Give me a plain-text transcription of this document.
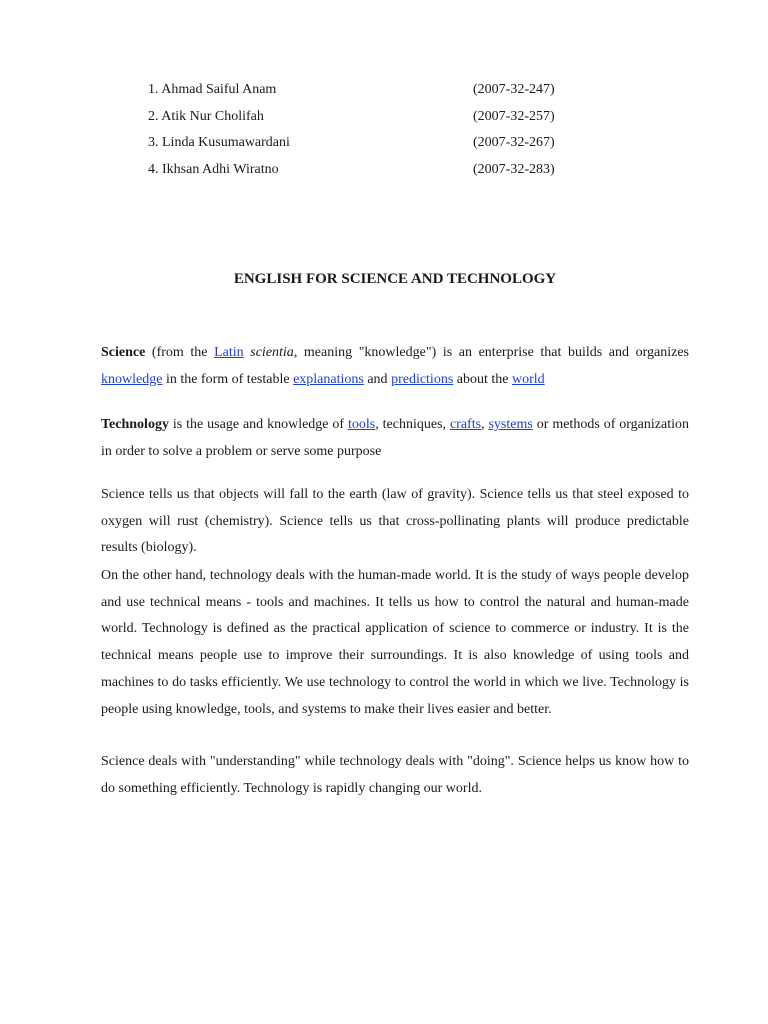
1. Ahmad Saiful Anam	(2007-32-247)
2. Atik Nur Cholifah	(2007-32-257)
3. Linda Kusumawardani	(2007-32-267)
4. Ikhsan Adhi Wiratno	(2007-32-283)
ENGLISH FOR SCIENCE AND TECHNOLOGY
Science (from the Latin scientia, meaning "knowledge") is an enterprise that builds and organizes knowledge in the form of testable explanations and predictions about the world
Technology is the usage and knowledge of tools, techniques, crafts, systems or methods of organization in order to solve a problem or serve some purpose
Science tells us that objects will fall to the earth (law of gravity). Science tells us that steel exposed to oxygen will rust (chemistry). Science tells us that cross-pollinating plants will produce predictable results (biology).
On the other hand, technology deals with the human-made world. It is the study of ways people develop and use technical means - tools and machines. It tells us how to control the natural and human-made world. Technology is defined as the practical application of science to commerce or industry. It is the technical means people use to improve their surroundings. It is also knowledge of using tools and machines to do tasks efficiently. We use technology to control the world in which we live. Technology is people using knowledge, tools, and systems to make their lives easier and better.
Science deals with "understanding" while technology deals with "doing". Science helps us know how to do something efficiently. Technology is rapidly changing our world.
